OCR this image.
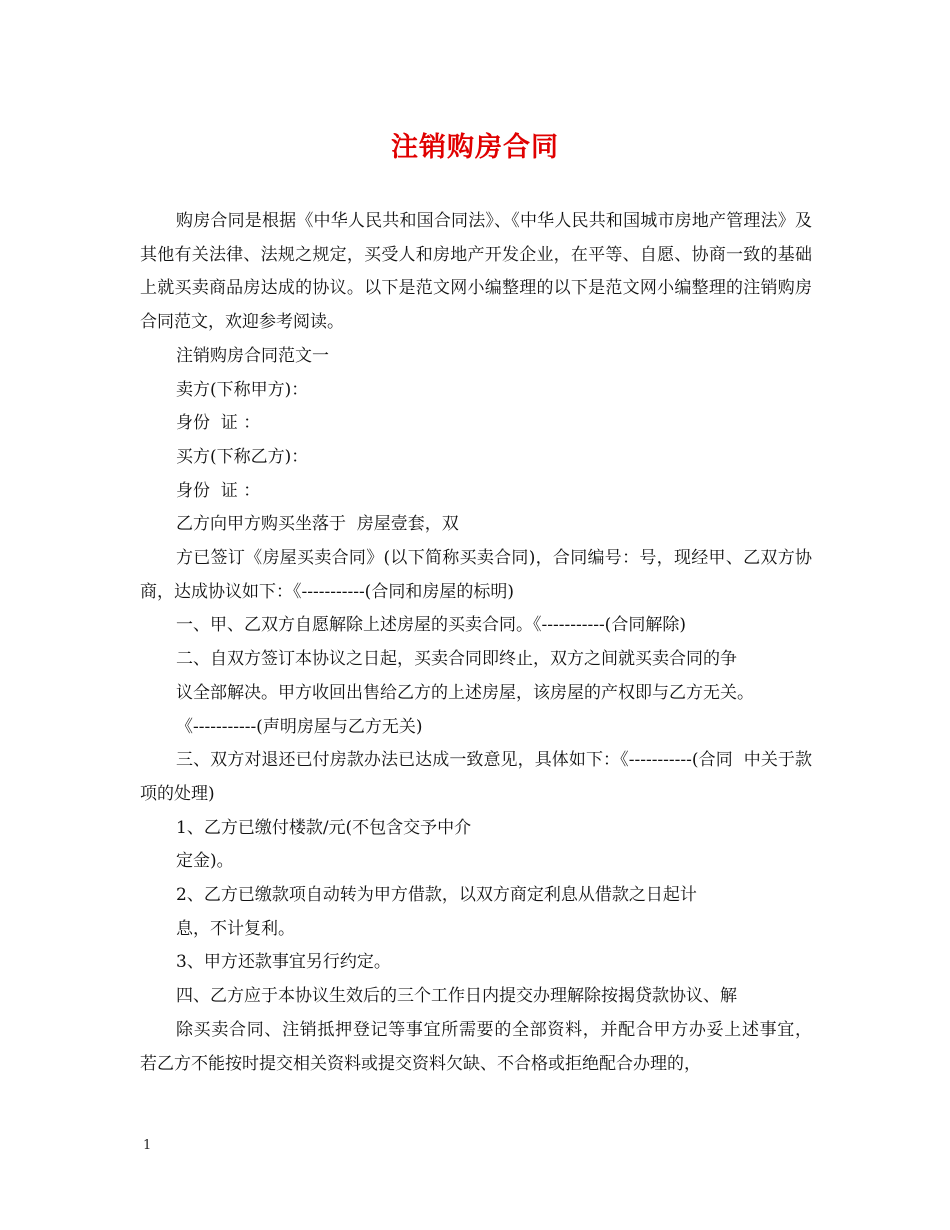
注销购房合同

购房合同是根据《中华人民共和国合同法》、《中华人民共和国城市房地产管理法》及其他有关法律、法规之规定，买受人和房地产开发企业，在平等、自愿、协商一致的基础上就买卖商品房达成的协议。以下是范文网小编整理的以下是范文网小编整理的注销购房合同范文，欢迎参考阅读。

注销购房合同范文一

卖方(下称甲方)：

身份  证 ：

买方(下称乙方)：

身份  证 ：

乙方向甲方购买坐落于  房屋壹套，双

方已签订《房屋买卖合同》(以下简称买卖合同)，合同编号：号，现经甲、乙双方协商，达成协议如下：《-----------(合同和房屋的标明)

一、甲、乙双方自愿解除上述房屋的买卖合同。《-----------(合同解除)

二、自双方签订本协议之日起，买卖合同即终止，双方之间就买卖合同的争

议全部解决。甲方收回出售给乙方的上述房屋，该房屋的产权即与乙方无关。

《-----------(声明房屋与乙方无关)

三、双方对退还已付房款办法已达成一致意见，具体如下：《-----------(合同  中关于款项的处理)

1、乙方已缴付楼款/元(不包含交予中介

定金)。

2、乙方已缴款项自动转为甲方借款，以双方商定利息从借款之日起计

息，不计复利。

3、甲方还款事宜另行约定。

四、乙方应于本协议生效后的三个工作日内提交办理解除按揭贷款协议、解

除买卖合同、注销抵押登记等事宜所需要的全部资料，并配合甲方办妥上述事宜，  若乙方不能按时提交相关资料或提交资料欠缺、不合格或拒绝配合办理的，

1
